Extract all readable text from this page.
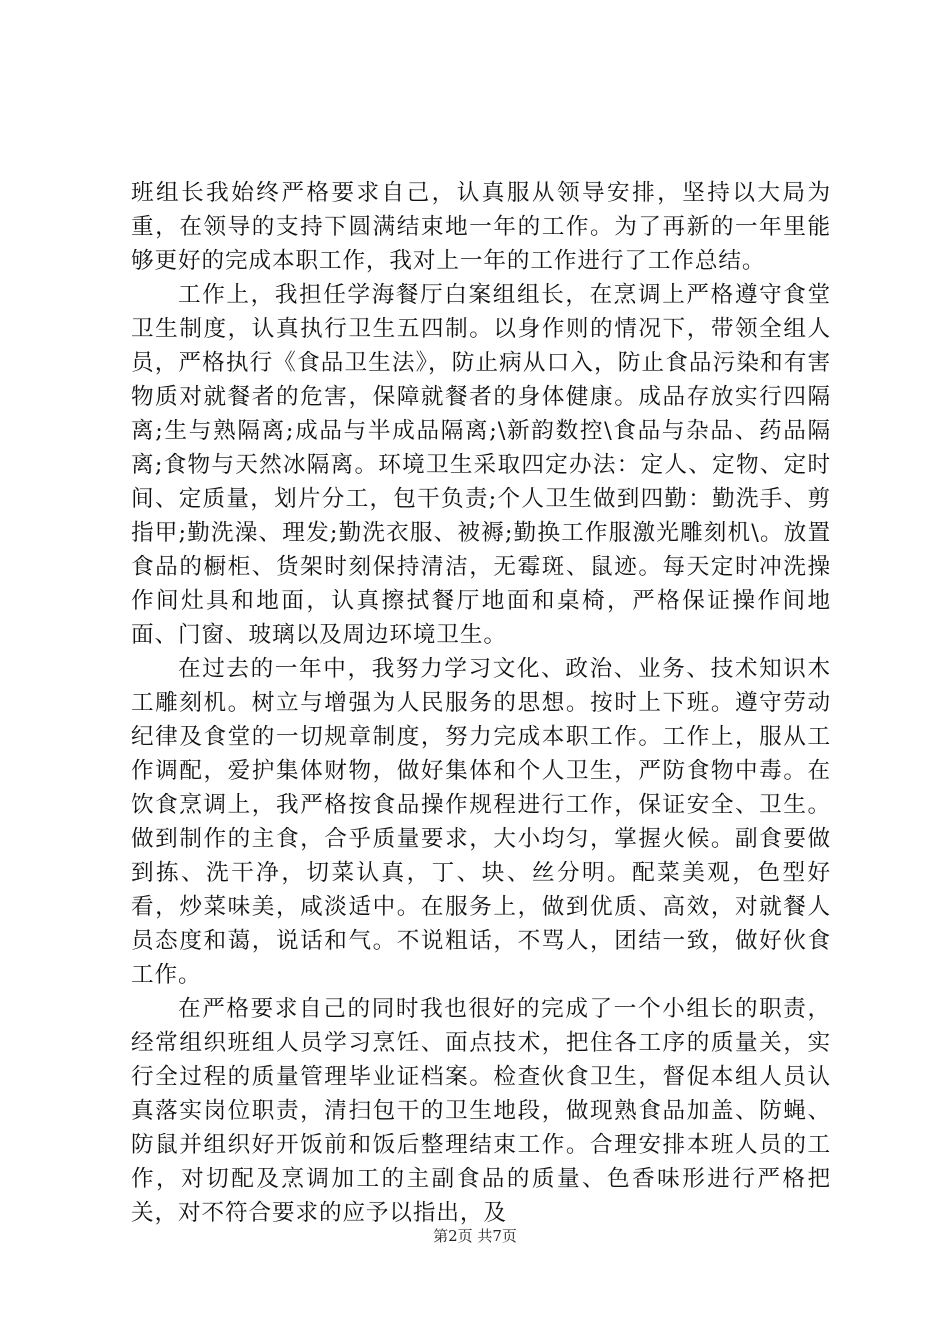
班组长我始终严格要求自己，认真服从领导安排，坚持以大局为重，在领导的支持下圆满结束地一年的工作。为了再新的一年里能够更好的完成本职工作，我对上一年的工作进行了工作总结。

工作上，我担任学海餐厅白案组组长，在烹调上严格遵守食堂卫生制度，认真执行卫生五四制。以身作则的情况下，带领全组人员，严格执行《食品卫生法》，防止病从口入，防止食品污染和有害物质对就餐者的危害，保障就餐者的身体健康。成品存放实行四隔离;生与熟隔离;成品与半成品隔离;\新韵数控\食品与杂品、药品隔离;食物与天然冰隔离。环境卫生采取四定办法：定人、定物、定时间、定质量，划片分工，包干负责;个人卫生做到四勤：勤洗手、剪指甲;勤洗澡、理发;勤洗衣服、被褥;勤换工作服激光雕刻机\。放置食品的橱柜、货架时刻保持清洁，无霉斑、鼠迹。每天定时冲洗操作间灶具和地面，认真擦拭餐厅地面和桌椅，严格保证操作间地面、门窗、玻璃以及周边环境卫生。

在过去的一年中，我努力学习文化、政治、业务、技术知识木工雕刻机。树立与增强为人民服务的思想。按时上下班。遵守劳动纪律及食堂的一切规章制度，努力完成本职工作。工作上，服从工作调配，爱护集体财物，做好集体和个人卫生，严防食物中毒。在饮食烹调上，我严格按食品操作规程进行工作，保证安全、卫生。做到制作的主食，合乎质量要求，大小均匀，掌握火候。副食要做到拣、洗干净，切菜认真，丁、块、丝分明。配菜美观，色型好看，炒菜味美，咸淡适中。在服务上，做到优质、高效，对就餐人员态度和蔼，说话和气。不说粗话，不骂人，团结一致，做好伙食工作。

在严格要求自己的同时我也很好的完成了一个小组长的职责，经常组织班组人员学习烹饪、面点技术，把住各工序的质量关，实行全过程的质量管理毕业证档案。检查伙食卫生，督促本组人员认真落实岗位职责，清扫包干的卫生地段，做现熟食品加盖、防蝇、防鼠并组织好开饭前和饭后整理结束工作。合理安排本班人员的工作，对切配及烹调加工的主副食品的质量、色香味形进行严格把关，对不符合要求的应予以指出，及

第2页 共7页
